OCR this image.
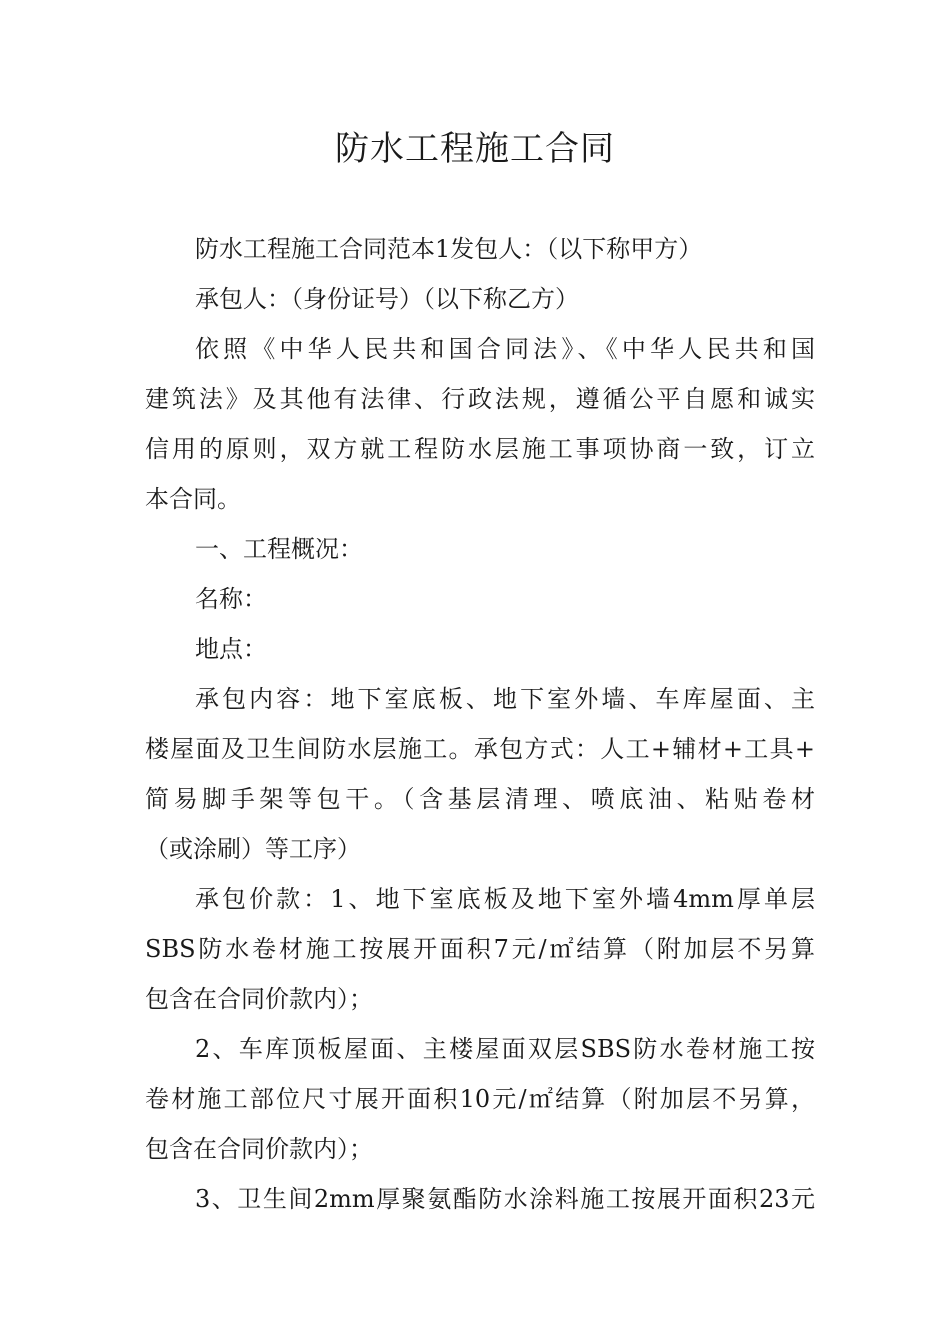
防水工程施工合同
防水工程施工合同范本1发包人：（以下称甲方）
承包人：（身份证号）（以下称乙方）
依照《中华人民共和国合同法》、《中华人民共和国
建筑法》及其他有法律、行政法规，遵循公平自愿和诚实
信用的原则，双方就工程防水层施工事项协商一致，订立
本合同。
一、工程概况：
名称：
地点：
承包内容：地下室底板、地下室外墙、车库屋面、主
楼屋面及卫生间防水层施工。承包方式：人工+辅材+工具+
简易脚手架等包干。（含基层清理、喷底油、粘贴卷材
（或涂刷）等工序）
承包价款：1、地下室底板及地下室外墙4mm厚单层
SBS防水卷材施工按展开面积7元/㎡结算（附加层不另算
包含在合同价款内）；
2、车库顶板屋面、主楼屋面双层SBS防水卷材施工按
卷材施工部位尺寸展开面积10元/㎡结算（附加层不另算，
包含在合同价款内）；
3、卫生间2mm厚聚氨酯防水涂料施工按展开面积23元
